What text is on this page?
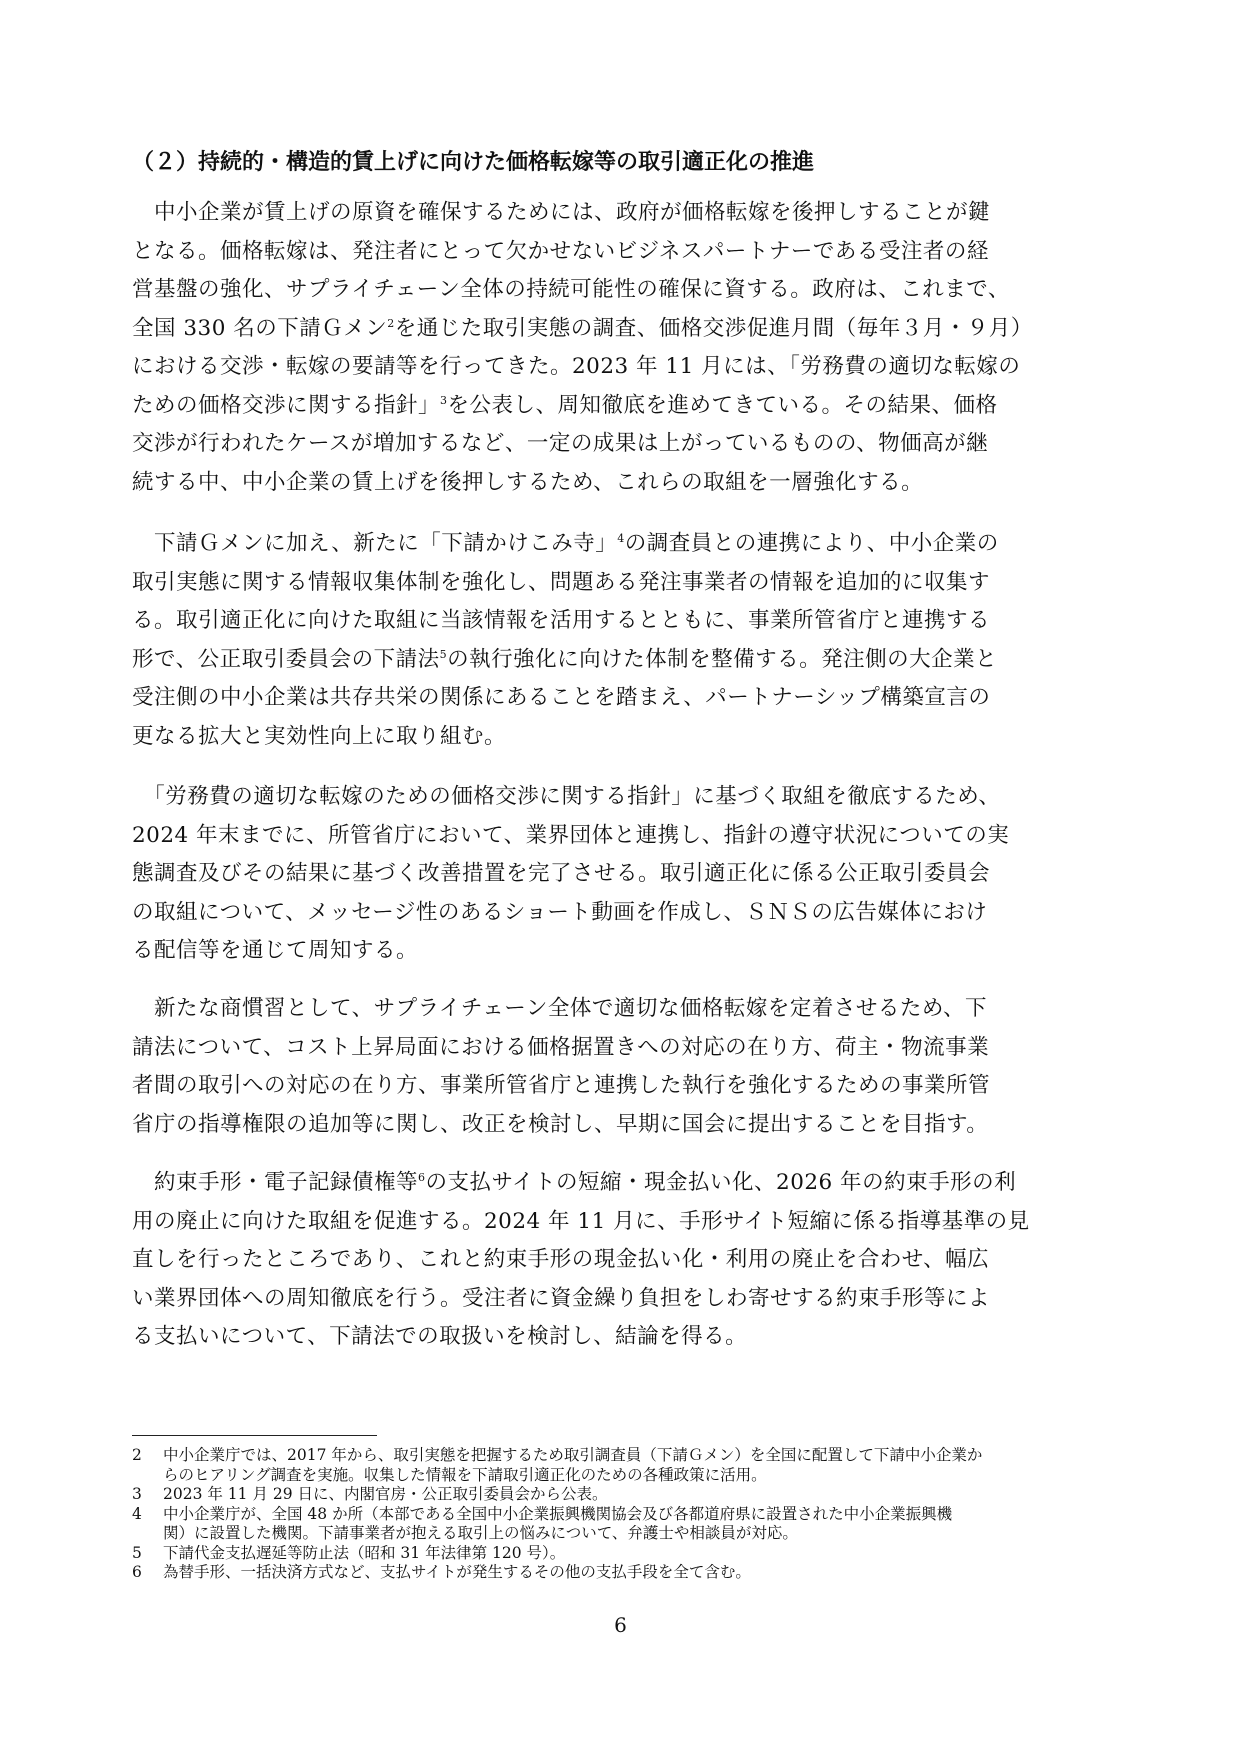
（２）持続的・構造的賃上げに向けた価格転嫁等の取引適正化の推進
　中小企業が賃上げの原資を確保するためには、政府が価格転嫁を後押しすることが鍵
となる。価格転嫁は、発注者にとって欠かせないビジネスパートナーである受注者の経
営基盤の強化、サプライチェーン全体の持続可能性の確保に資する。政府は、これまで、
全国 330 名の下請Ｇメン$^2$を通じた取引実態の調査、価格交渉促進月間（毎年３月・９月）
における交渉・転嫁の要請等を行ってきた。2023 年 11 月には、「労務費の適切な転嫁の
ための価格交渉に関する指針」$^3$を公表し、周知徹底を進めてきている。その結果、価格
交渉が行われたケースが増加するなど、一定の成果は上がっているものの、物価高が継
続する中、中小企業の賃上げを後押しするため、これらの取組を一層強化する。
　下請Ｇメンに加え、新たに「下請かけこみ寺」$^4$の調査員との連携により、中小企業の
取引実態に関する情報収集体制を強化し、問題ある発注事業者の情報を追加的に収集す
る。取引適正化に向けた取組に当該情報を活用するとともに、事業所管省庁と連携する
形で、公正取引委員会の下請法$^5$の執行強化に向けた体制を整備する。発注側の大企業と
受注側の中小企業は共存共栄の関係にあることを踏まえ、パートナーシップ構築宣言の
更なる拡大と実効性向上に取り組む。
　「労務費の適切な転嫁のための価格交渉に関する指針」に基づく取組を徹底するため、
2024 年末までに、所管省庁において、業界団体と連携し、指針の遵守状況についての実
態調査及びその結果に基づく改善措置を完了させる。取引適正化に係る公正取引委員会
の取組について、メッセージ性のあるショート動画を作成し、ＳＮＳの広告媒体におけ
る配信等を通じて周知する。
　新たな商慣習として、サプライチェーン全体で適切な価格転嫁を定着させるため、下
請法について、コスト上昇局面における価格据置きへの対応の在り方、荷主・物流事業
者間の取引への対応の在り方、事業所管省庁と連携した執行を強化するための事業所管
省庁の指導権限の追加等に関し、改正を検討し、早期に国会に提出することを目指す。
　約束手形・電子記録債権等$^6$の支払サイトの短縮・現金払い化、2026 年の約束手形の利
用の廃止に向けた取組を促進する。2024 年 11 月に、手形サイト短縮に係る指導基準の見
直しを行ったところであり、これと約束手形の現金払い化・利用の廃止を合わせ、幅広
い業界団体への周知徹底を行う。受注者に資金繰り負担をしわ寄せする約束手形等によ
る支払いについて、下請法での取扱いを検討し、結論を得る。
2	中小企業庁では、2017 年から、取引実態を把握するため取引調査員（下請Ｇメン）を全国に配置して下請中小企業か
らのヒアリング調査を実施。収集した情報を下請取引適正化のための各種政策に活用。
3	2023 年 11 月 29 日に、内閣官房・公正取引委員会から公表。
4	中小企業庁が、全国 48 か所（本部である全国中小企業振興機関協会及び各都道府県に設置された中小企業振興機
関）に設置した機関。下請事業者が抱える取引上の悩みについて、弁護士や相談員が対応。
5	下請代金支払遅延等防止法（昭和 31 年法律第 120 号）。
6	為替手形、一括決済方式など、支払サイトが発生するその他の支払手段を全て含む。
6
